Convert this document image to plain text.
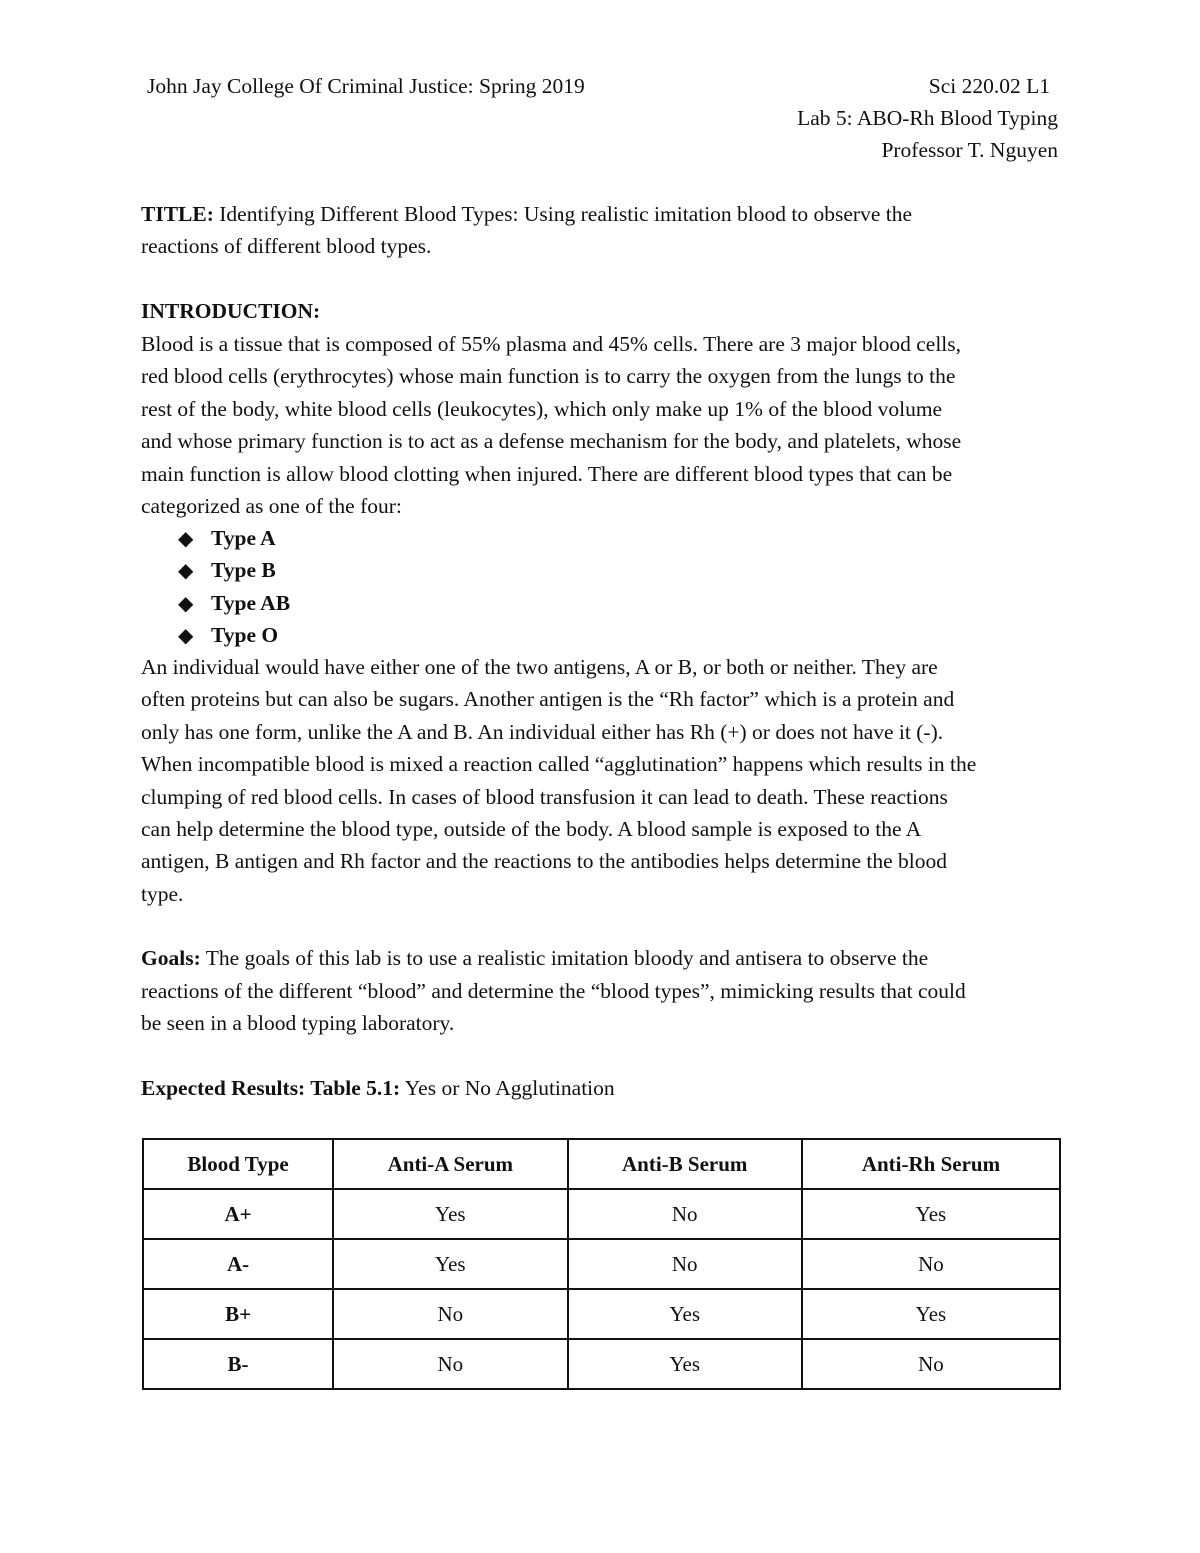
John Jay College Of Criminal Justice: Spring 2019	Sci 220.02 L1
Lab 5: ABO-Rh Blood Typing
Professor T. Nguyen
TITLE: Identifying Different Blood Types: Using realistic imitation blood to observe the
reactions of different blood types.
INTRODUCTION:
Blood is a tissue that is composed of 55% plasma and 45% cells. There are 3 major blood cells,
red blood cells (erythrocytes) whose main function is to carry the oxygen from the lungs to the
rest of the body, white blood cells (leukocytes), which only make up 1% of the blood volume
and whose primary function is to act as a defense mechanism for the body, and platelets, whose
main function is allow blood clotting when injured. There are different blood types that can be
categorized as one of the four:
◆ Type A
◆ Type B
◆ Type AB
◆ Type O
An individual would have either one of the two antigens, A or B, or both or neither. They are
often proteins but can also be sugars. Another antigen is the “Rh factor” which is a protein and
only has one form, unlike the A and B. An individual either has Rh (+) or does not have it (-).
When incompatible blood is mixed a reaction called “agglutination” happens which results in the
clumping of red blood cells. In cases of blood transfusion it can lead to death. These reactions
can help determine the blood type, outside of the body. A blood sample is exposed to the A
antigen, B antigen and Rh factor and the reactions to the antibodies helps determine the blood
type.
Goals: The goals of this lab is to use a realistic imitation bloody and antisera to observe the
reactions of the different “blood” and determine the “blood types”, mimicking results that could
be seen in a blood typing laboratory.
Expected Results: Table 5.1: Yes or No Agglutination
Blood Type	Anti-A Serum	Anti-B Serum	Anti-Rh Serum
A+	Yes	No	Yes
A-	Yes	No	No
B+	No	Yes	Yes
B-	No	Yes	No
